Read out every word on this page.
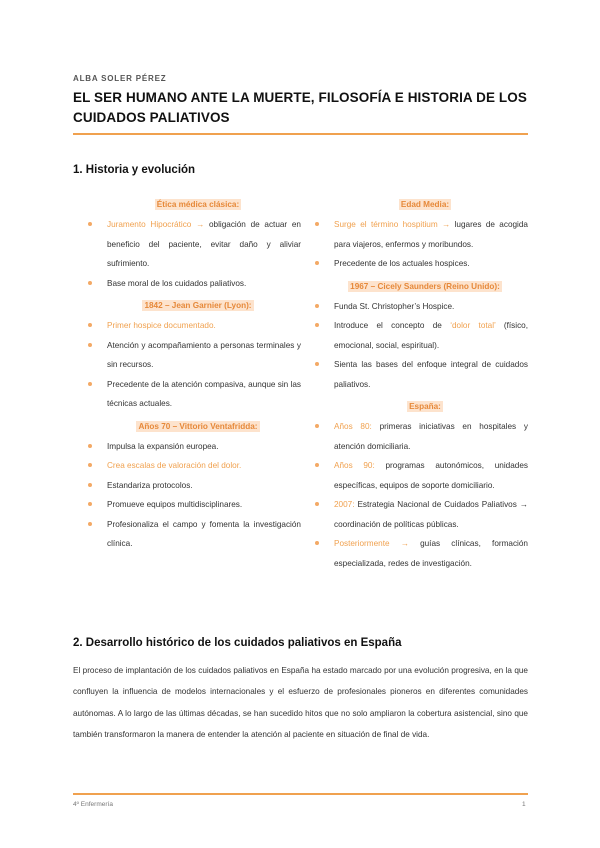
ALBA SOLER PÉREZ
EL SER HUMANO ANTE LA MUERTE, FILOSOFÍA E HISTORIA DE LOS CUIDADOS PALIATIVOS
1. Historia y evolución
Ética médica clásica:
Juramento Hipocrático → obligación de actuar en beneficio del paciente, evitar daño y aliviar sufrimiento.
Base moral de los cuidados paliativos.
1842 – Jean Garnier (Lyon):
Primer hospice documentado.
Atención y acompañamiento a personas terminales y sin recursos.
Precedente de la atención compasiva, aunque sin las técnicas actuales.
Años 70 – Vittorio Ventafridda:
Impulsa la expansión europea.
Crea escalas de valoración del dolor.
Estandariza protocolos.
Promueve equipos multidisciplinares.
Profesionaliza el campo y fomenta la investigación clínica.
Edad Media:
Surge el término hospitium → lugares de acogida para viajeros, enfermos y moribundos.
Precedente de los actuales hospices.
1967 – Cicely Saunders (Reino Unido):
Funda St. Christopher’s Hospice.
Introduce el concepto de ‘dolor total’ (físico, emocional, social, espiritual).
Sienta las bases del enfoque integral de cuidados paliativos.
España:
Años 80: primeras iniciativas en hospitales y atención domiciliaria.
Años 90: programas autonómicos, unidades específicas, equipos de soporte domiciliario.
2007: Estrategia Nacional de Cuidados Paliativos → coordinación de políticas públicas.
Posteriormente → guías clínicas, formación especializada, redes de investigación.
2. Desarrollo histórico de los cuidados paliativos en España
El proceso de implantación de los cuidados paliativos en España ha estado marcado por una evolución progresiva, en la que confluyen la influencia de modelos internacionales y el esfuerzo de profesionales pioneros en diferentes comunidades autónomas. A lo largo de las últimas décadas, se han sucedido hitos que no solo ampliaron la cobertura asistencial, sino que también transformaron la manera de entender la atención al paciente en situación de final de vida.
4º Enfermería	1
